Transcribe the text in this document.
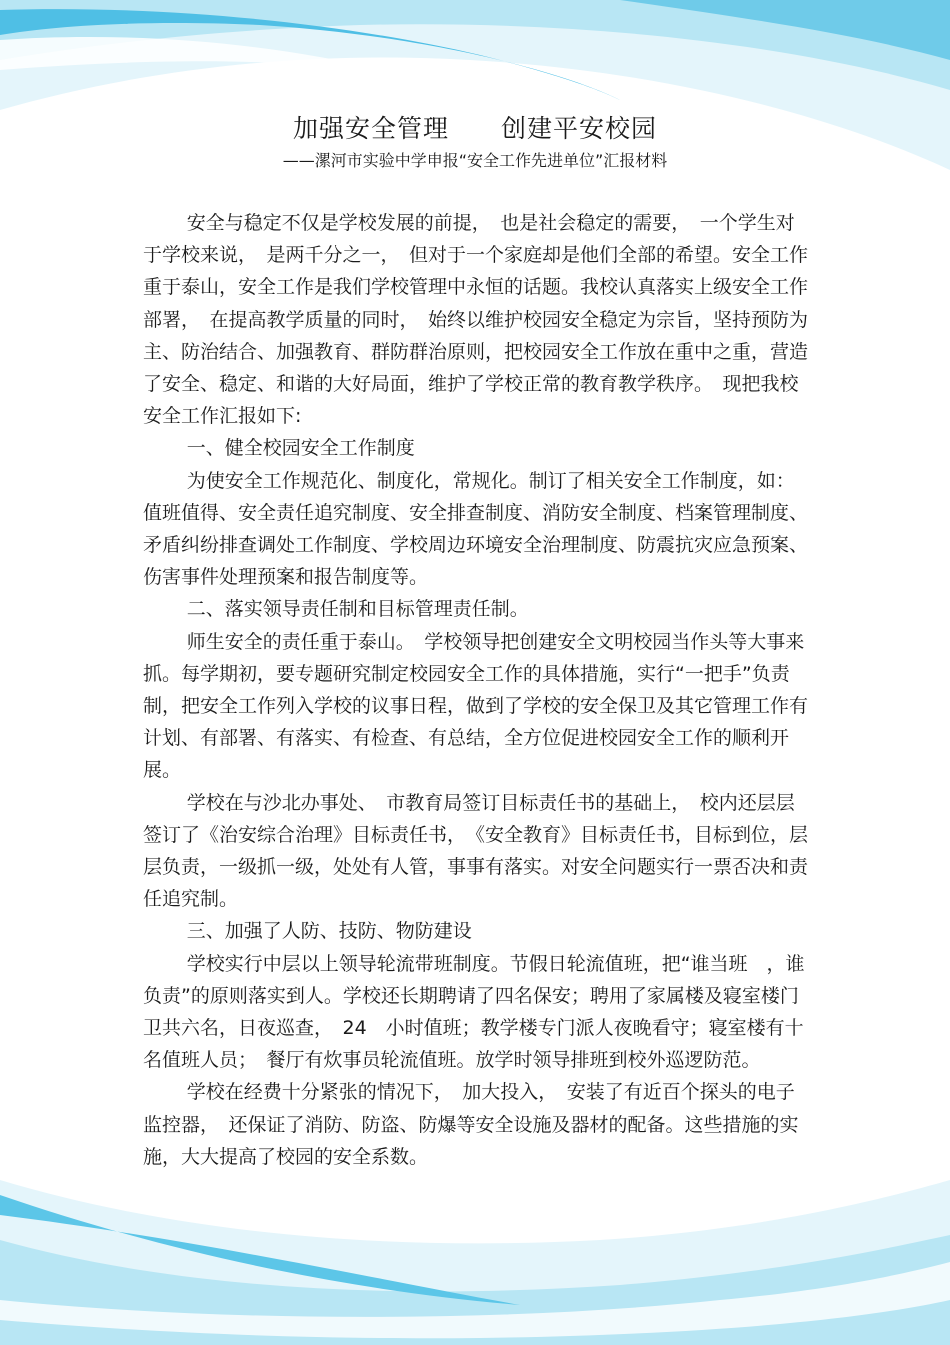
加强安全管理 创建平安校园
——漯河市实验中学申报“安全工作先进单位”汇报材料

安全与稳定不仅是学校发展的前提，　也是社会稳定的需要，　一个学生对于学校来说，　是两千分之一，　但对于一个家庭却是他们全部的希望。安全工作重于泰山，安全工作是我们学校管理中永恒的话题。我校认真落实上级安全工作部署，　在提高教学质量的同时，　始终以维护校园安全稳定为宗旨，坚持预防为主、防治结合、加强教育、群防群治原则，把校园安全工作放在重中之重，营造了安全、稳定、和谐的大好局面，维护了学校正常的教育教学秩序。　现把我校安全工作汇报如下:

一、健全校园安全工作制度

为使安全工作规范化、制度化，常规化。制订了相关安全工作制度，如：值班值得、安全责任追究制度、安全排查制度、消防安全制度、档案管理制度、矛盾纠纷排查调处工作制度、学校周边环境安全治理制度、防震抗灾应急预案、伤害事件处理预案和报告制度等。

二、落实领导责任制和目标管理责任制。

师生安全的责任重于泰山。　学校领导把创建安全文明校园当作头等大事来抓。每学期初，要专题研究制定校园安全工作的具体措施，实行“一把手”负责制，把安全工作列入学校的议事日程，做到了学校的安全保卫及其它管理工作有计划、有部署、有落实、有检查、有总结，全方位促进校园安全工作的顺利开展。

学校在与沙北办事处、　市教育局签订目标责任书的基础上，　校内还层层签订了《治安综合治理》目标责任书，　《安全教育》目标责任书，目标到位，层层负责，一级抓一级，处处有人管，事事有落实。对安全问题实行一票否决和责任追究制。

三、加强了人防、技防、物防建设

学校实行中层以上领导轮流带班制度。节假日轮流值班，把“谁当班　，谁负责”的原则落实到人。学校还长期聘请了四名保安；聘用了家属楼及寝室楼门卫共六名，日夜巡查，　24　小时值班；教学楼专门派人夜晚看守；寝室楼有十名值班人员；　餐厅有炊事员轮流值班。放学时领导排班到校外巡逻防范。

学校在经费十分紧张的情况下，　加大投入，　安装了有近百个探头的电子监控器，　还保证了消防、防盗、防爆等安全设施及器材的配备。这些措施的实施，大大提高了校园的安全系数。
